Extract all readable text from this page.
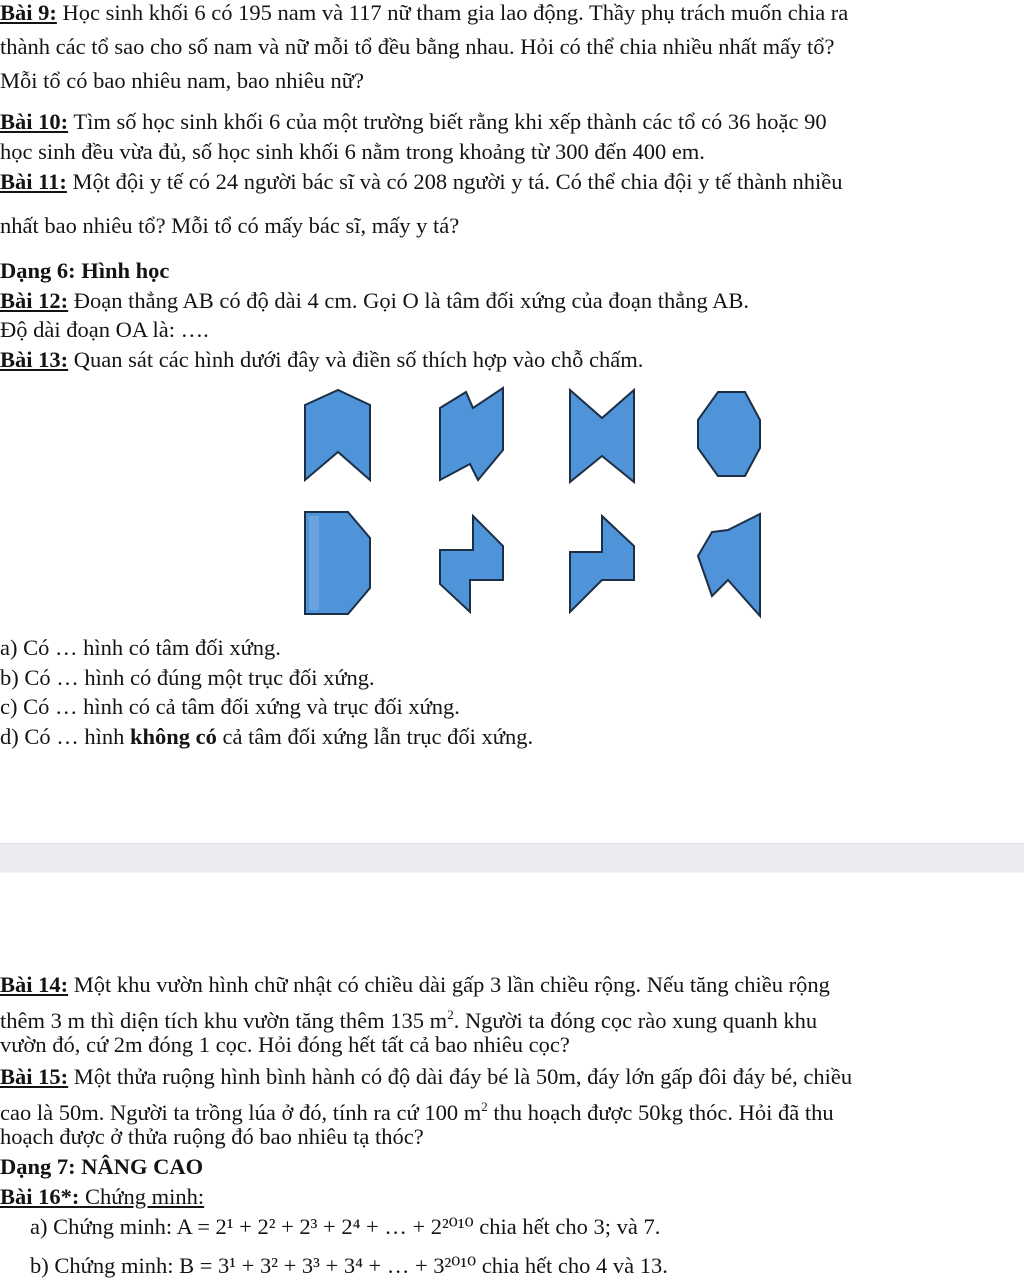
Bài 9: Học sinh khối 6 có 195 nam và 117 nữ tham gia lao động. Thầy phụ trách muốn chia ra
thành các tổ sao cho số nam và nữ mỗi tổ đều bằng nhau. Hỏi có thể chia nhiều nhất mấy tổ?
Mỗi tổ có bao nhiêu nam, bao nhiêu nữ?
Bài 10: Tìm số học sinh khối 6 của một trường biết rằng khi xếp thành các tổ có 36 hoặc 90
học sinh đều vừa đủ, số học sinh khối 6 nằm trong khoảng từ 300 đến 400 em.
Bài 11: Một đội y tế có 24 người bác sĩ và có 208 người y tá. Có thể chia đội y tế thành nhiều
nhất bao nhiêu tổ? Mỗi tổ có mấy bác sĩ, mấy y tá?
Dạng 6: Hình học
Bài 12: Đoạn thẳng AB có độ dài 4 cm. Gọi O là tâm đối xứng của đoạn thẳng AB.
Độ dài đoạn OA là: ….
Bài 13: Quan sát các hình dưới đây và điền số thích hợp vào chỗ chấm.
a) Có … hình có tâm đối xứng.
b) Có … hình có đúng một trục đối xứng.
c) Có … hình có cả tâm đối xứng và trục đối xứng.
d) Có … hình không có cả tâm đối xứng lẫn trục đối xứng.
Bài 14: Một khu vườn hình chữ nhật có chiều dài gấp 3 lần chiều rộng. Nếu tăng chiều rộng
thêm 3 m thì diện tích khu vườn tăng thêm 135 $m^2$. Người ta đóng cọc rào xung quanh khu
vườn đó, cứ 2m đóng 1 cọc. Hỏi đóng hết tất cả bao nhiêu cọc?
Bài 15: Một thửa ruộng hình bình hành có độ dài đáy bé là 50m, đáy lớn gấp đôi đáy bé, chiều
cao là 50m. Người ta trồng lúa ở đó, tính ra cứ 100 $m^2$ thu hoạch được 50kg thóc. Hỏi đã thu
hoạch được ở thửa ruộng đó bao nhiêu tạ thóc?
Dạng 7: NÂNG CAO
Bài 16*: Chứng minh:
a) Chứng minh: A = 2¹ + 2² + 2³ + 2⁴ + … + 2²⁰¹⁰ chia hết cho 3; và 7.
b) Chứng minh: B = 3¹ + 3² + 3³ + 3⁴ + … + 3²⁰¹⁰ chia hết cho 4 và 13.
